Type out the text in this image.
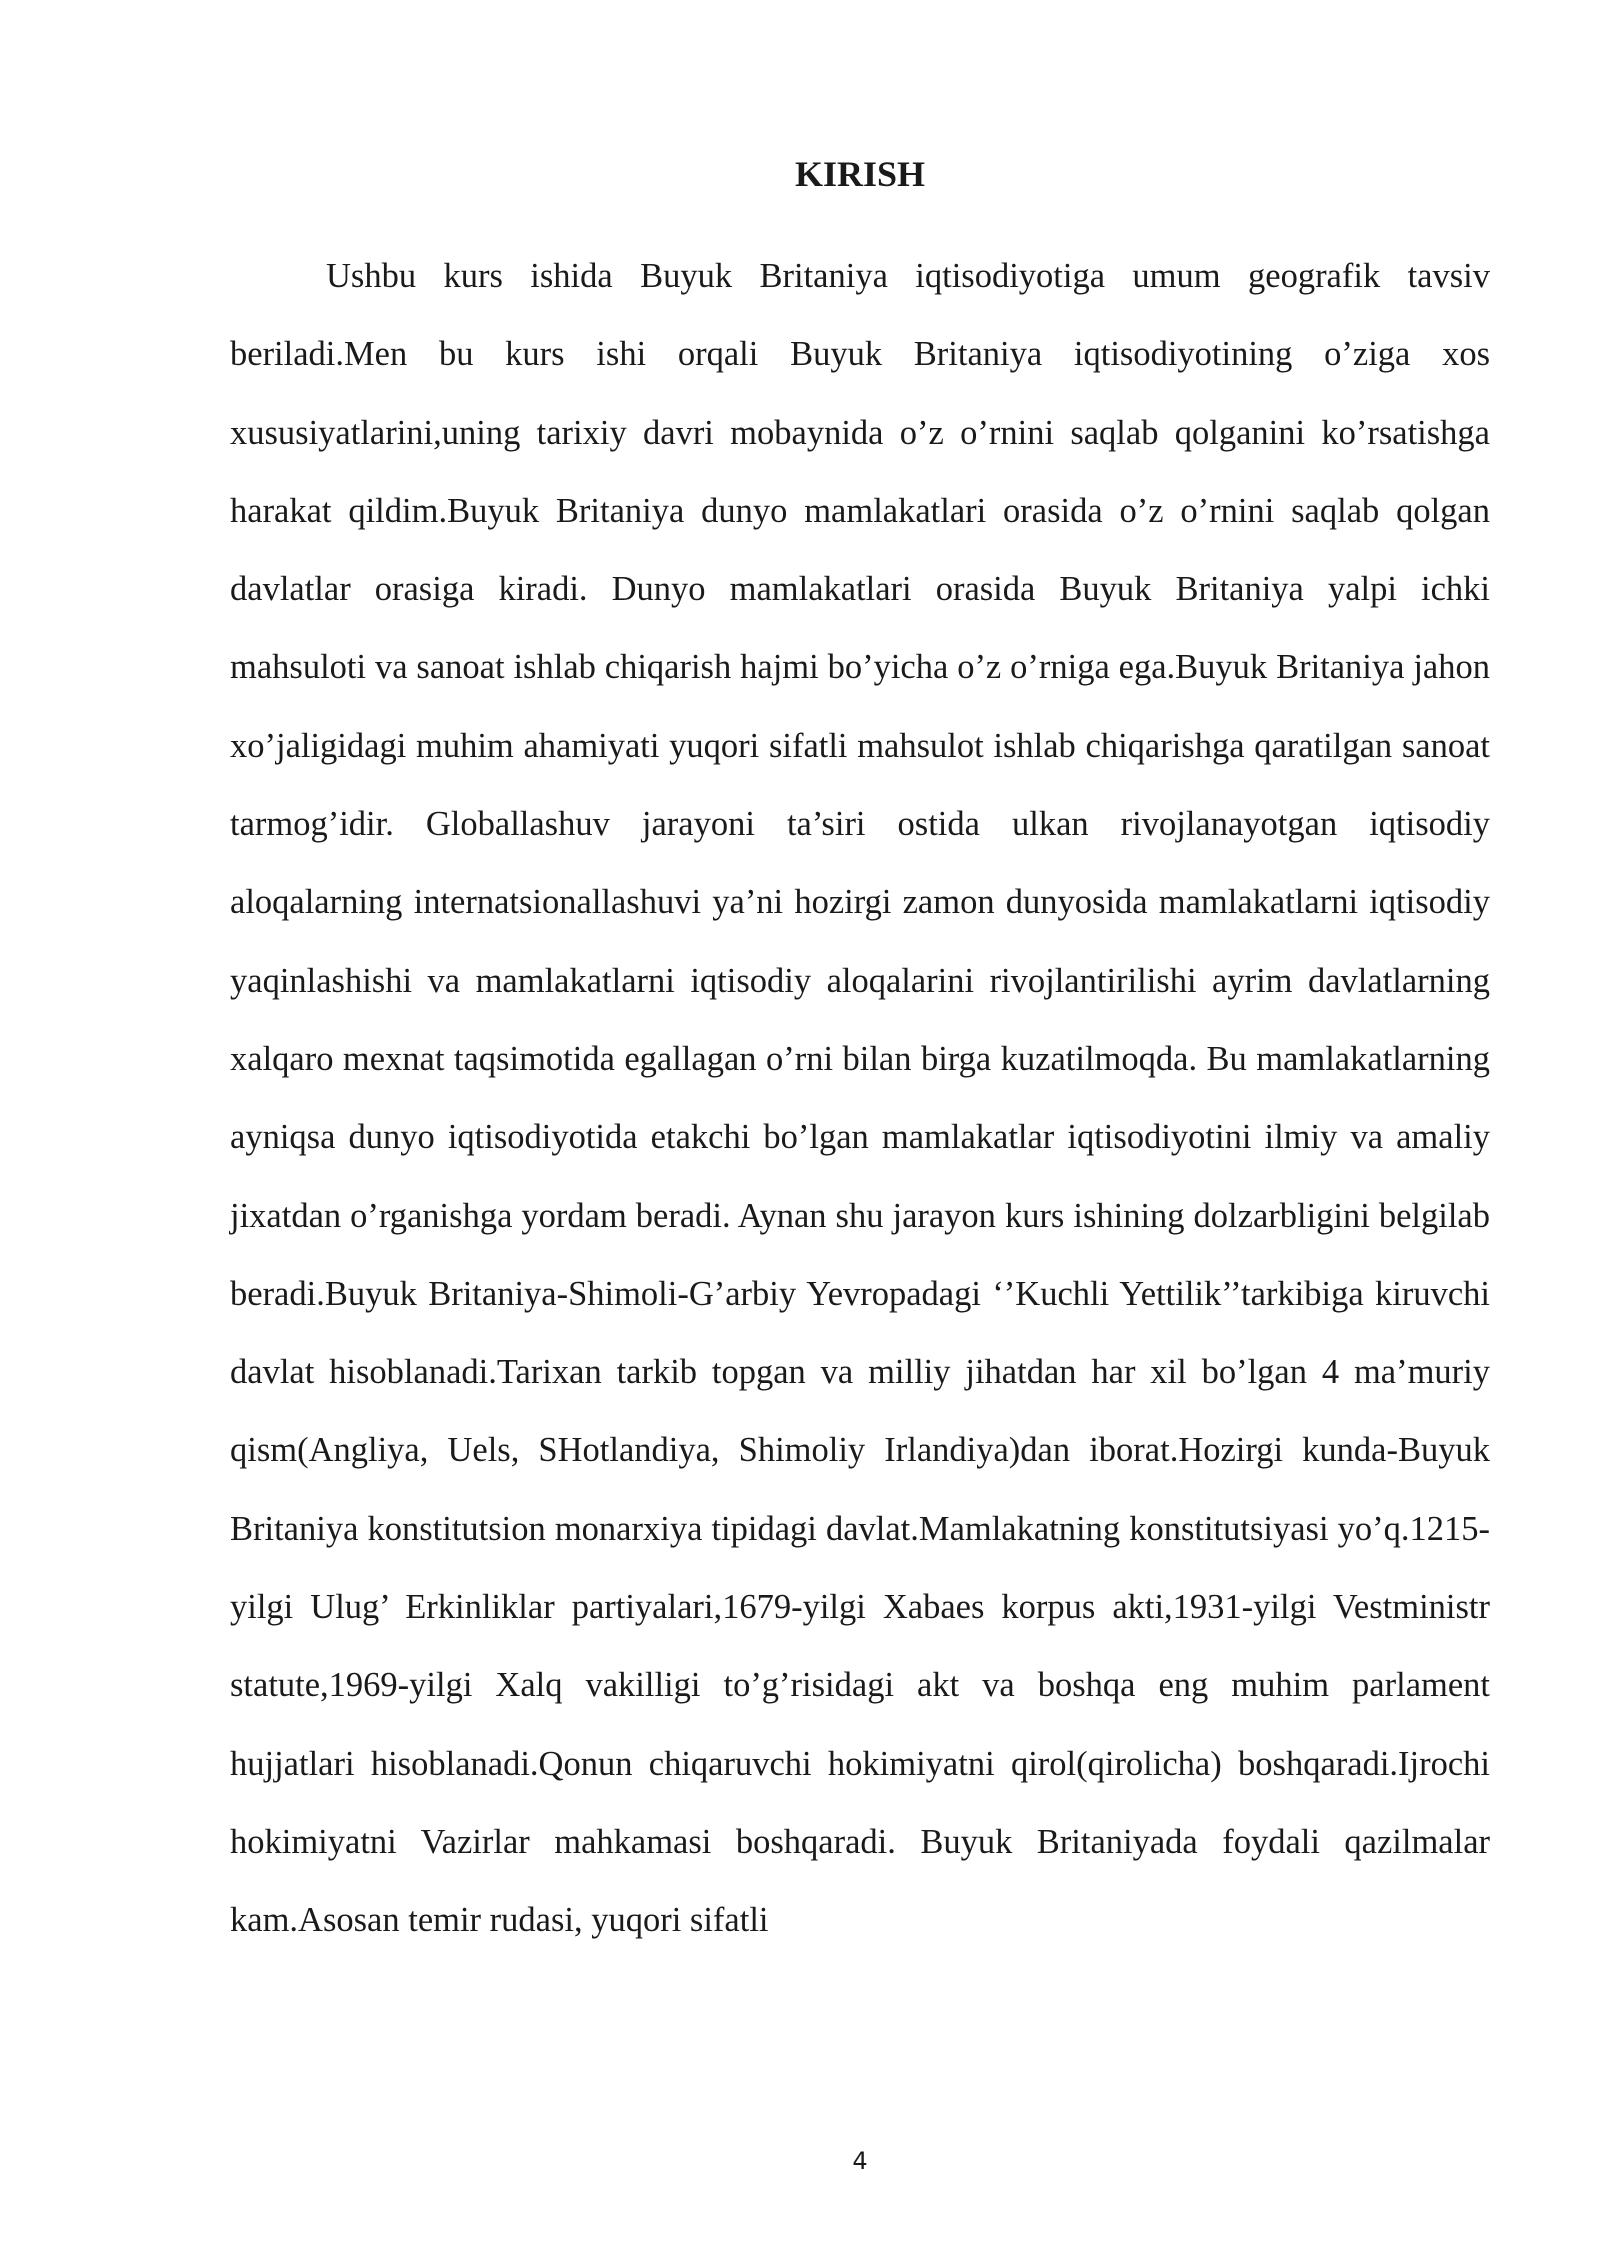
KIRISH

Ushbu kurs ishida Buyuk Britaniya iqtisodiyotiga umum geografik tavsiv beriladi.Men bu kurs ishi orqali Buyuk Britaniya iqtisodiyotining o’ziga xos xususiyatlarini,uning tarixiy davri mobaynida o’z o’rnini saqlab qolganini ko’rsatishga harakat qildim.Buyuk Britaniya dunyo mamlakatlari orasida o’z o’rnini saqlab qolgan davlatlar orasiga kiradi. Dunyo mamlakatlari orasida Buyuk Britaniya yalpi ichki mahsuloti va sanoat ishlab chiqarish hajmi bo’yicha o’z o’rniga ega.Buyuk Britaniya jahon xo’jaligidagi muhim ahamiyati yuqori sifatli mahsulot ishlab chiqarishga qaratilgan sanoat tarmog’idir. Globallashuv jarayoni ta’siri ostida ulkan rivojlanayotgan iqtisodiy aloqalarning internatsionallashuvi ya’ni hozirgi zamon dunyosida mamlakatlarni iqtisodiy yaqinlashishi va mamlakatlarni iqtisodiy aloqalarini rivojlantirilishi ayrim davlatlarning xalqaro mexnat taqsimotida egallagan o’rni bilan birga kuzatilmoqda. Bu mamlakatlarning ayniqsa dunyo iqtisodiyotida etakchi bo’lgan mamlakatlar iqtisodiyotini ilmiy va amaliy jixatdan o’rganishga yordam beradi. Aynan shu jarayon kurs ishining dolzarbligini belgilab beradi.Buyuk Britaniya-Shimoli-G’arbiy Yevropadagi ‘’Kuchli Yettilik’’tarkibiga kiruvchi davlat hisoblanadi.Tarixan tarkib topgan va milliy jihatdan har xil bo’lgan 4 ma’muriy qism(Angliya, Uels, SHotlandiya, Shimoliy Irlandiya)dan iborat.Hozirgi kunda-Buyuk Britaniya konstitutsion monarxiya tipidagi davlat.Mamlakatning konstitutsiyasi yo’q.1215-yilgi Ulug’ Erkinliklar partiyalari,1679-yilgi Xabaes korpus akti,1931-yilgi Vestministr statute,1969-yilgi Xalq vakilligi to’g’risidagi akt va boshqa eng muhim parlament hujjatlari hisoblanadi.Qonun chiqaruvchi hokimiyatni qirol(qirolicha) boshqaradi.Ijrochi hokimiyatni Vazirlar mahkamasi boshqaradi. Buyuk Britaniyada foydali qazilmalar kam.Asosan temir rudasi, yuqori sifatli

4
